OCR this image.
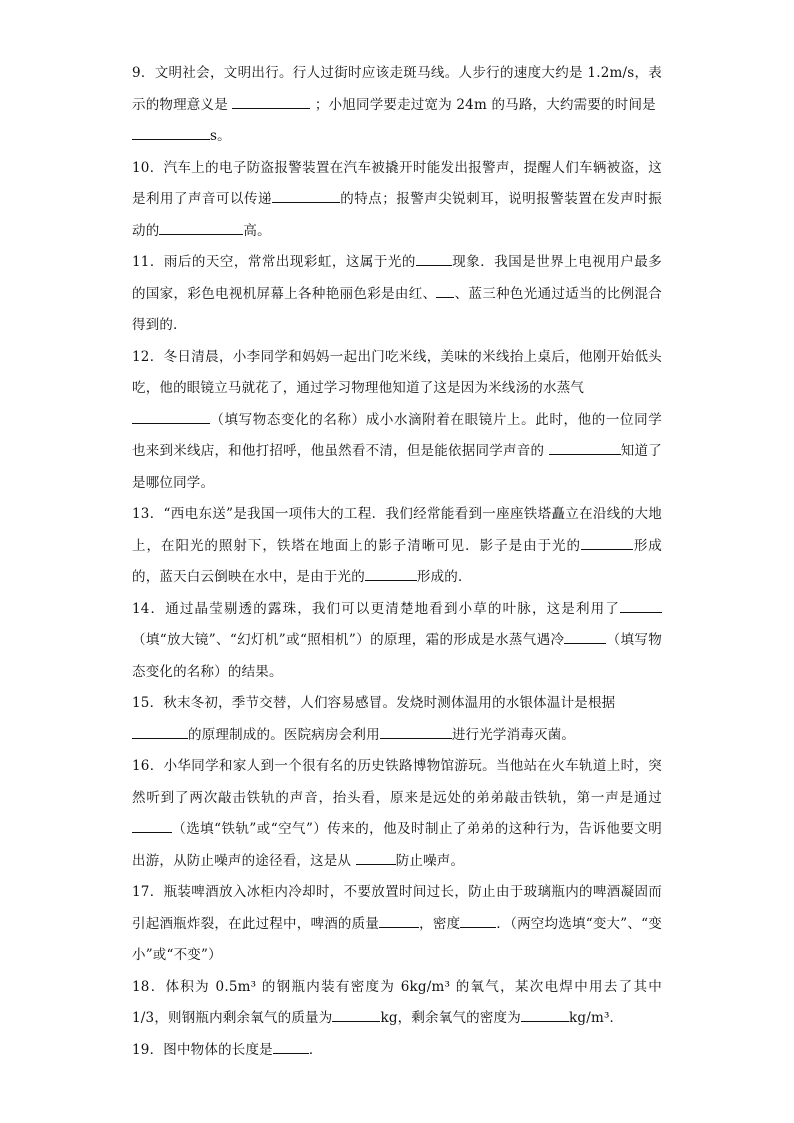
9．文明社会，文明出行。行人过街时应该走斑马线。人步行的速度大约是 1.2m/s，表示的物理意义是	；小旭同学要走过宽为 24m 的马路，大约需要的时间是
s。

10．汽车上的电子防盗报警装置在汽车被撬开时能发出报警声，提醒人们车辆被盗，这是利用了声音可以传递	的特点；报警声尖锐刺耳，说明报警装置在发声时振动的	高。

11．雨后的天空，常常出现彩虹，这属于光的	现象．我国是世界上电视用户最多的国家，彩色电视机屏幕上各种艳丽色彩是由红、 、蓝三种色光通过适当的比例混合得到的．

12．冬日清晨，小李同学和妈妈一起出门吃米线，美味的米线抬上桌后，他刚开始低头吃，他的眼镜立马就花了，通过学习物理他知道了这是因为米线汤的水蒸气
（填写物态变化的名称）成小水滴附着在眼镜片上。此时，他的一位同学也来到米线店，和他打招呼，他虽然看不清，但是能依据同学声音的	知道了是哪位同学。

13．“西电东送”是我国一项伟大的工程．我们经常能看到一座座铁塔矗立在沿线的大地上，在阳光的照射下，铁塔在地面上的影子清晰可见．影子是由于光的	形成的，蓝天白云倒映在水中，是由于光的	形成的．

14．通过晶莹剔透的露珠，我们可以更清楚地看到小草的叶脉，这是利用了（填“放大镜”、“幻灯机”或“照相机”）的原理，霜的形成是水蒸气遇冷	（填写物态变化的名称）的结果。

15．秋末冬初，季节交替，人们容易感冒。发烧时测体温用的水银体温计是根据
的原理制成的。医院病房会利用	进行光学消毒灭菌。

16．小华同学和家人到一个很有名的历史铁路博物馆游玩。当他站在火车轨道上时，突然听到了两次敲击铁轨的声音，抬头看，原来是远处的弟弟敲击铁轨，第一声是通过 （选填“铁轨”或“空气”）传来的，他及时制止了弟弟的这种行为，告诉他要文明出游，从防止噪声的途径看，这是从	防止噪声。

17．瓶装啤酒放入冰柜内冷却时，不要放置时间过长，防止由于玻璃瓶内的啤酒凝固而引起酒瓶炸裂，在此过程中，啤酒的质量	，密度	．（两空均选填“变大”、“变小”或“不变”）

18．体积为 0.5m³ 的钢瓶内装有密度为 6kg/m³ 的氧气，某次电焊中用去了其中 1/3，则钢瓶内剩余氧气的质量为	kg，剩余氧气的密度为	kg/m³．

19．图中物体的长度是	．
